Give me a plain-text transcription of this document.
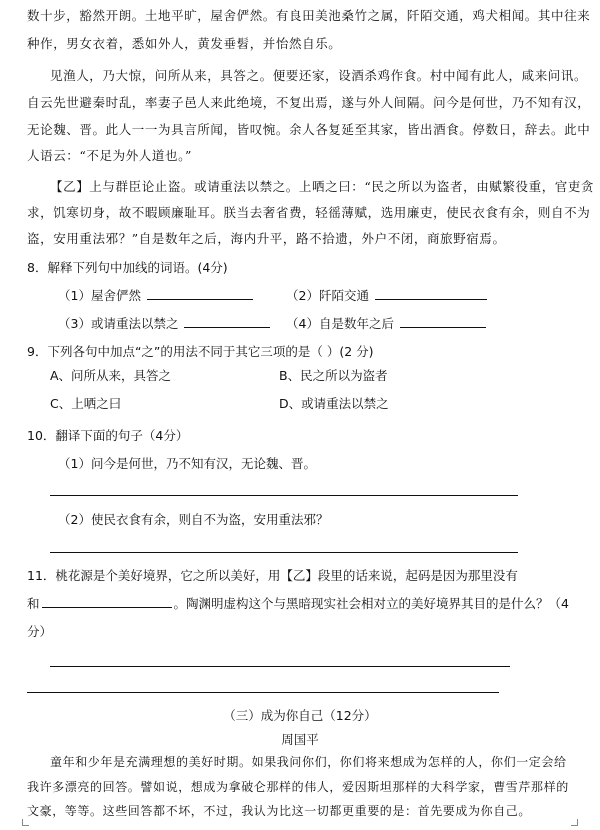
数十步，豁然开朗。土地平旷，屋舍俨然。有良田美池桑竹之属，阡陌交通，鸡犬相闻。其中往来
种作，男女衣着，悉如外人，黄发垂髫，并怡然自乐。
见渔人，乃大惊，问所从来，具答之。便要还家，设酒杀鸡作食。村中闻有此人，咸来问讯。
自云先世避秦时乱，率妻子邑人来此绝境，不复出焉，遂与外人间隔。问今是何世，乃不知有汉，
无论魏、晋。此人一一为具言所闻，皆叹惋。余人各复延至其家，皆出酒食。停数日，辞去。此中
人语云：“不足为外人道也。”
【乙】上与群臣论止盗。或请重法以禁之。上哂之曰：“民之所以为盗者，由赋繁役重，官吏贪
求，饥寒切身，故不暇顾廉耻耳。朕当去奢省费，轻徭薄赋，选用廉吏，使民衣食有余，则自不为
盗，安用重法邪？”自是数年之后，海内升平，路不拾遗，外户不闭，商旅野宿焉。
8．解释下列句中加线的词语。(4分)
（1）屋舍俨然	（2）阡陌交通
（3）或请重法以禁之	（4）自是数年之后
9．下列各句中加点“之”的用法不同于其它三项的是（ ）(2 分)
A、问所从来，具答之	B、民之所以为盗者
C、上哂之曰	D、或请重法以禁之
10．翻译下面的句子（4分）
（1）问今是何世，乃不知有汉，无论魏、晋。
（2）使民衣食有余，则自不为盗，安用重法邪？
11．桃花源是个美好境界，它之所以美好，用【乙】段里的话来说，起码是因为那里没有
和	。陶渊明虚构这个与黑暗现实社会相对立的美好境界其目的是什么？（4
分）
（三）成为你自己（12分）
周国平
童年和少年是充满理想的美好时期。如果我问你们，你们将来想成为怎样的人，你们一定会给
我许多漂亮的回答。譬如说，想成为拿破仑那样的伟人，爱因斯坦那样的大科学家，曹雪芹那样的
文豪，等等。这些回答都不坏，不过，我认为比这一切都更重要的是：首先要成为你自己。
